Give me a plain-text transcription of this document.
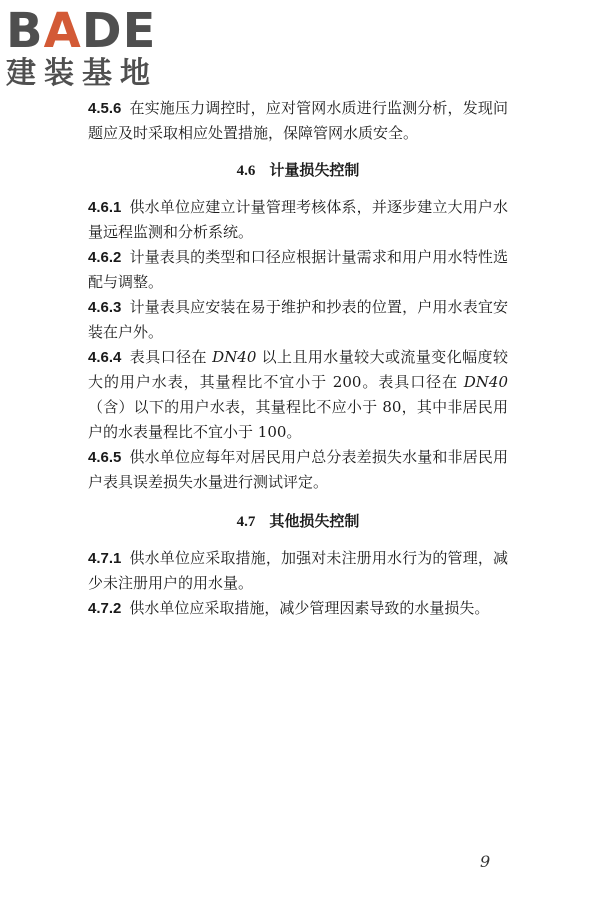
BADE
建装基地

4.5.6 在实施压力调控时，应对管网水质进行监测分析，发现问题应及时采取相应处置措施，保障管网水质安全。

4.6 计量损失控制

4.6.1 供水单位应建立计量管理考核体系，并逐步建立大用户水量远程监测和分析系统。

4.6.2 计量表具的类型和口径应根据计量需求和用户用水特性选配与调整。

4.6.3 计量表具应安装在易于维护和抄表的位置，户用水表宜安装在户外。

4.6.4 表具口径在 DN40 以上且用水量较大或流量变化幅度较大的用户水表，其量程比不宜小于 200。表具口径在 DN40（含）以下的用户水表，其量程比不应小于 80，其中非居民用户的水表量程比不宜小于 100。

4.6.5 供水单位应每年对居民用户总分表差损失水量和非居民用户表具误差损失水量进行测试评定。

4.7 其他损失控制

4.7.1 供水单位应采取措施，加强对未注册用水行为的管理，减少未注册用户的用水量。

4.7.2 供水单位应采取措施，减少管理因素导致的水量损失。

9
